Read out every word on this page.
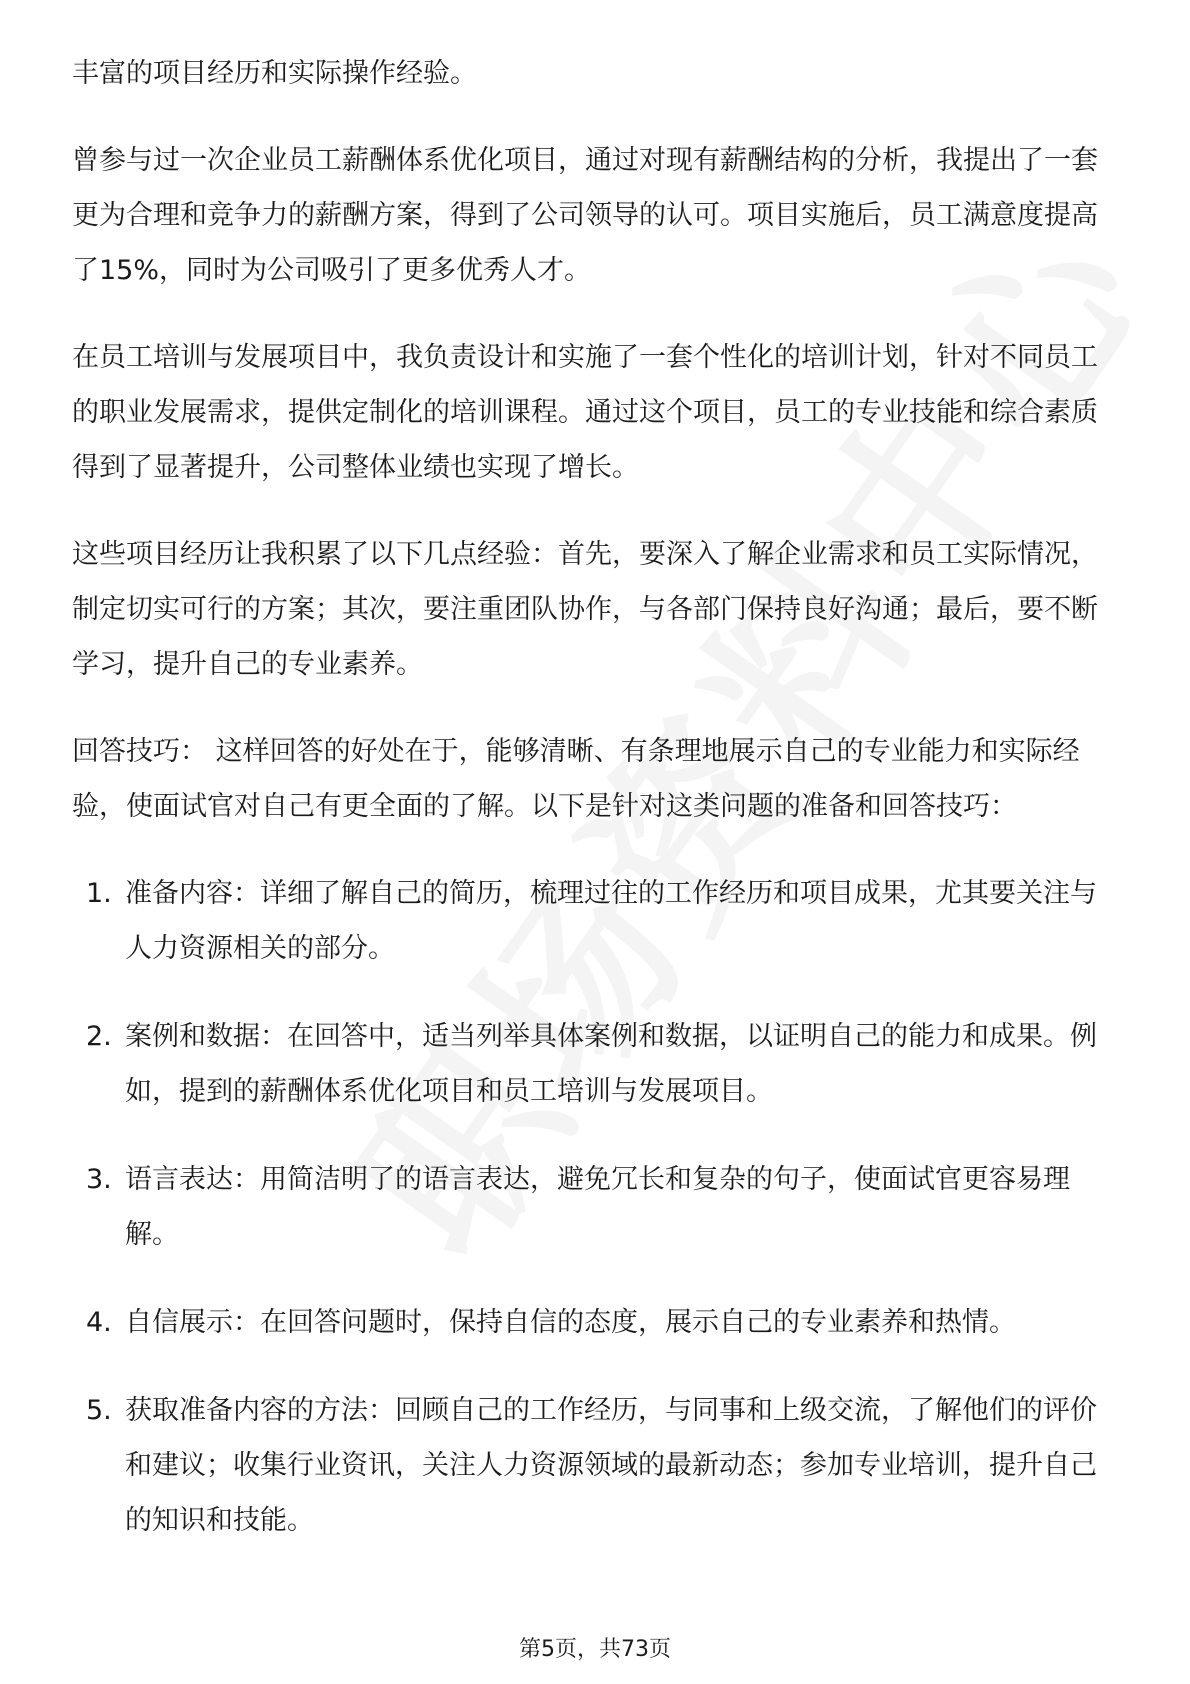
丰富的项目经历和实际操作经验。

曾参与过一次企业员工薪酬体系优化项目，通过对现有薪酬结构的分析，我提出了一套更为合理和竞争力的薪酬方案，得到了公司领导的认可。项目实施后，员工满意度提高了15%，同时为公司吸引了更多优秀人才。

在员工培训与发展项目中，我负责设计和实施了一套个性化的培训计划，针对不同员工的职业发展需求，提供定制化的培训课程。通过这个项目，员工的专业技能和综合素质得到了显著提升，公司整体业绩也实现了增长。

这些项目经历让我积累了以下几点经验：首先，要深入了解企业需求和员工实际情况，制定切实可行的方案；其次，要注重团队协作，与各部门保持良好沟通；最后，要不断学习，提升自己的专业素养。

回答技巧： 这样回答的好处在于，能够清晰、有条理地展示自己的专业能力和实际经验，使面试官对自己有更全面的了解。以下是针对这类问题的准备和回答技巧：

1. 准备内容：详细了解自己的简历，梳理过往的工作经历和项目成果，尤其要关注与人力资源相关的部分。
2. 案例和数据：在回答中，适当列举具体案例和数据，以证明自己的能力和成果。例如，提到的薪酬体系优化项目和员工培训与发展项目。
3. 语言表达：用简洁明了的语言表达，避免冗长和复杂的句子，使面试官更容易理解。
4. 自信展示：在回答问题时，保持自信的态度，展示自己的专业素养和热情。
5. 获取准备内容的方法：回顾自己的工作经历，与同事和上级交流，了解他们的评价和建议；收集行业资讯，关注人力资源领域的最新动态；参加专业培训，提升自己的知识和技能。
第5页，共73页
